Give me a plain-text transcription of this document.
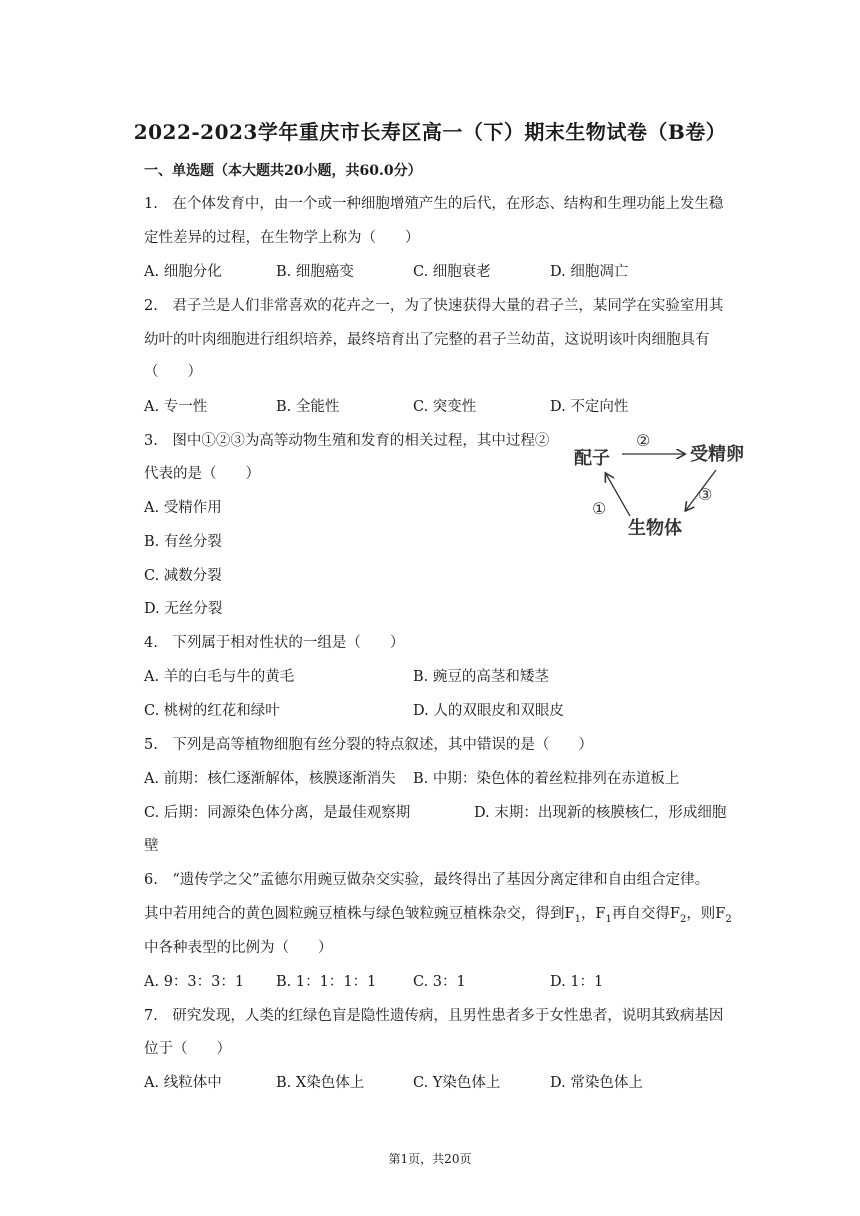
2022-2023学年重庆市长寿区高一（下）期末生物试卷（B卷）
一、单选题（本大题共20小题，共60.0分）
1.　在个体发育中，由一个或一种细胞增殖产生的后代，在形态、结构和生理功能上发生稳
定性差异的过程，在生物学上称为（　　）
A. 细胞分化	B. 细胞癌变	C. 细胞衰老	D. 细胞凋亡
2.　君子兰是人们非常喜欢的花卉之一，为了快速获得大量的君子兰，某同学在实验室用其
幼叶的叶肉细胞进行组织培养，最终培育出了完整的君子兰幼苗，这说明该叶肉细胞具有
（　　）
A. 专一性	B. 全能性	C. 突变性	D. 不定向性
3.　图中①②③为高等动物生殖和发育的相关过程，其中过程②
代表的是（　　）
A. 受精作用
B. 有丝分裂
C. 减数分裂
D. 无丝分裂
配子	受精卵
生物体
②
③
①
4.　下列属于相对性状的一组是（　　）
A. 羊的白毛与牛的黄毛	B. 豌豆的高茎和矮茎
C. 桃树的红花和绿叶	D. 人的双眼皮和双眼皮
5.　下列是高等植物细胞有丝分裂的特点叙述，其中错误的是（　　）
A. 前期：核仁逐渐解体，核膜逐渐消失 B. 中期：染色体的着丝粒排列在赤道板上
C. 后期：同源染色体分离，是最佳观察期	D. 末期：出现新的核膜核仁，形成细胞
壁
6.　“遗传学之父”孟德尔用豌豆做杂交实验，最终得出了基因分离定律和自由组合定律。
其中若用纯合的黄色圆粒豌豆植株与绿色皱粒豌豆植株杂交，得到$F_1$，$F_1$再自交得$F_2$，则$F_2$
中各种表型的比例为（　　）
A. 9：3：3：1 B. 1：1：1：1	C. 3：1	D. 1：1
7.　研究发现，人类的红绿色盲是隐性遗传病，且男性患者多于女性患者，说明其致病基因
位于（　　）
A. 线粒体中	B. X染色体上	C. Y染色体上	D. 常染色体上
第1页，共20页
